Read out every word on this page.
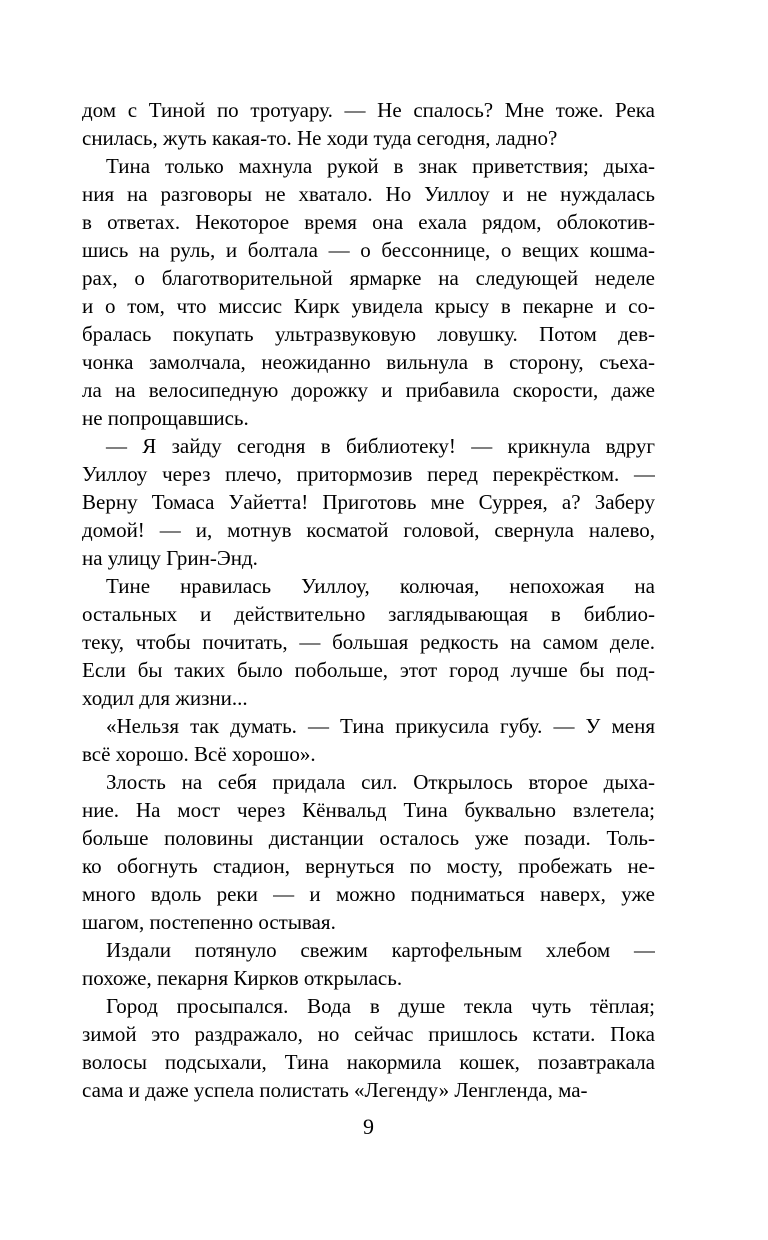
дом с Тиной по тротуару. — Не спалось? Мне тоже. Река
снилась, жуть какая-то. Не ходи туда сегодня, ладно?
Тина только махнула рукой в знак приветствия; дыха-
ния на разговоры не хватало. Но Уиллоу и не нуждалась
в ответах. Некоторое время она ехала рядом, облокотив-
шись на руль, и болтала — о бессоннице, о вещих кошма-
рах, о благотворительной ярмарке на следующей неделе
и о том, что миссис Кирк увидела крысу в пекарне и со-
бралась покупать ультразвуковую ловушку. Потом дев-
чонка замолчала, неожиданно вильнула в сторону, съеха-
ла на велосипедную дорожку и прибавила скорости, даже
не попрощавшись.
— Я зайду сегодня в библиотеку! — крикнула вдруг
Уиллоу через плечо, притормозив перед перекрёстком. —
Верну Томаса Уайетта! Приготовь мне Суррея, а? Заберу
домой! — и, мотнув косматой головой, свернула налево,
на улицу Грин-Энд.
Тине нравилась Уиллоу, колючая, непохожая на
остальных и действительно заглядывающая в библио-
теку, чтобы почитать, — большая редкость на самом деле.
Если бы таких было побольше, этот город лучше бы под-
ходил для жизни...
«Нельзя так думать. — Тина прикусила губу. — У меня
всё хорошо. Всё хорошо».
Злость на себя придала сил. Открылось второе дыха-
ние. На мост через Кёнвальд Тина буквально взлетела;
больше половины дистанции осталось уже позади. Толь-
ко обогнуть стадион, вернуться по мосту, пробежать не-
много вдоль реки — и можно подниматься наверх, уже
шагом, постепенно остывая.
Издали потянуло свежим картофельным хлебом —
похоже, пекарня Кирков открылась.
Город просыпался. Вода в душе текла чуть тёплая;
зимой это раздражало, но сейчас пришлось кстати. Пока
волосы подсыхали, Тина накормила кошек, позавтракала
сама и даже успела полистать «Легенду» Ленгленда, ма-
9
